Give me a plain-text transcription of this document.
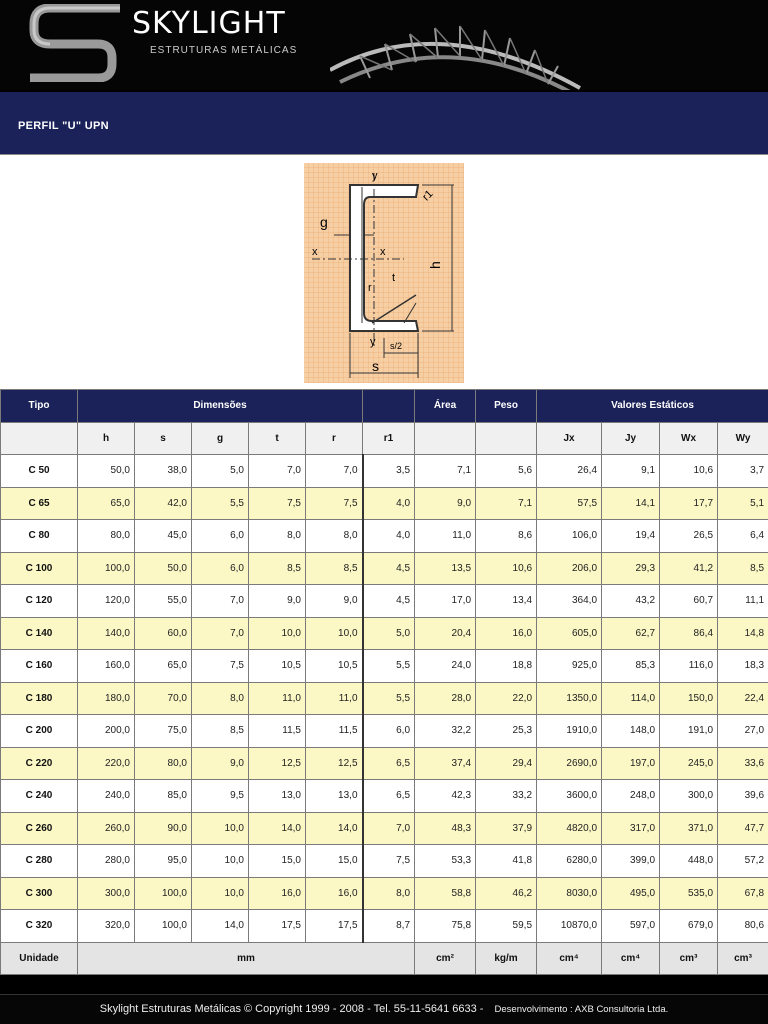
SKYLIGHT
ESTRUTURAS METÁLICAS
PERFIL "U" UPN
y
y
g
x	x
h
r1
r
t
s
s/2
Tipo	Dimensões						Área	Peso	Valores Estáticos			
	h	s	g	t	r	r1			Jx	Jy	Wx	Wy
C 50	50,0	38,0	5,0	7,0	7,0	3,5	7,1	5,6	26,4	9,1	10,6	3,7
C 65	65,0	42,0	5,5	7,5	7,5	4,0	9,0	7,1	57,5	14,1	17,7	5,1
C 80	80,0	45,0	6,0	8,0	8,0	4,0	11,0	8,6	106,0	19,4	26,5	6,4
C 100	100,0	50,0	6,0	8,5	8,5	4,5	13,5	10,6	206,0	29,3	41,2	8,5
C 120	120,0	55,0	7,0	9,0	9,0	4,5	17,0	13,4	364,0	43,2	60,7	11,1
C 140	140,0	60,0	7,0	10,0	10,0	5,0	20,4	16,0	605,0	62,7	86,4	14,8
C 160	160,0	65,0	7,5	10,5	10,5	5,5	24,0	18,8	925,0	85,3	116,0	18,3
C 180	180,0	70,0	8,0	11,0	11,0	5,5	28,0	22,0	1350,0	114,0	150,0	22,4
C 200	200,0	75,0	8,5	11,5	11,5	6,0	32,2	25,3	1910,0	148,0	191,0	27,0
C 220	220,0	80,0	9,0	12,5	12,5	6,5	37,4	29,4	2690,0	197,0	245,0	33,6
C 240	240,0	85,0	9,5	13,0	13,0	6,5	42,3	33,2	3600,0	248,0	300,0	39,6
C 260	260,0	90,0	10,0	14,0	14,0	7,0	48,3	37,9	4820,0	317,0	371,0	47,7
C 280	280,0	95,0	10,0	15,0	15,0	7,5	53,3	41,8	6280,0	399,0	448,0	57,2
C 300	300,0	100,0	10,0	16,0	16,0	8,0	58,8	46,2	8030,0	495,0	535,0	67,8
C 320	320,0	100,0	14,0	17,5	17,5	8,7	75,8	59,5	10870,0	597,0	679,0	80,6
Unidade	mm						cm²	kg/m	cm⁴	cm⁴	cm³	cm³
Skylight Estruturas Metálicas © Copyright 1999 - 2008 - Tel. 55-11-5641 6633 - Desenvolvimento : AXB Consultoria Ltda.
